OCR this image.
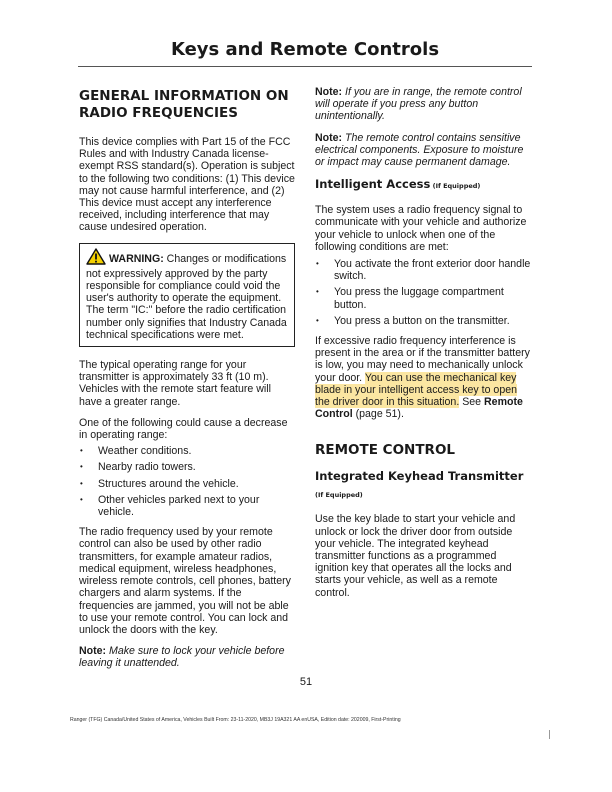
Keys and Remote Controls
GENERAL INFORMATION ON RADIO FREQUENCIES

This device complies with Part 15 of the FCC Rules and with Industry Canada license-exempt RSS standard(s). Operation is subject to the following two conditions: (1) This device may not cause harmful interference, and (2) This device must accept any interference received, including interference that may cause undesired operation.

WARNING: Changes or modifications not expressively approved by the party responsible for compliance could void the user's authority to operate the equipment. The term "IC:" before the radio certification number only signifies that Industry Canada technical specifications were met.

The typical operating range for your transmitter is approximately 33 ft (10 m). Vehicles with the remote start feature will have a greater range.

One of the following could cause a decrease in operating range:

• Weather conditions.
• Nearby radio towers.
• Structures around the vehicle.
• Other vehicles parked next to your vehicle.

The radio frequency used by your remote control can also be used by other radio transmitters, for example amateur radios, medical equipment, wireless headphones, wireless remote controls, cell phones, battery chargers and alarm systems. If the frequencies are jammed, you will not be able to use your remote control. You can lock and unlock the doors with the key.

Note: Make sure to lock your vehicle before leaving it unattended.

Note: If you are in range, the remote control will operate if you press any button unintentionally.

Note: The remote control contains sensitive electrical components. Exposure to moisture or impact may cause permanent damage.

Intelligent Access (If Equipped)

The system uses a radio frequency signal to communicate with your vehicle and authorize your vehicle to unlock when one of the following conditions are met:

• You activate the front exterior door handle switch.
• You press the luggage compartment button.
• You press a button on the transmitter.

If excessive radio frequency interference is present in the area or if the transmitter battery is low, you may need to mechanically unlock your door. You can use the mechanical key blade in your intelligent access key to open the driver door in this situation. See Remote Control (page 51).

REMOTE CONTROL
Integrated Keyhead Transmitter (If Equipped)

Use the key blade to start your vehicle and unlock or lock the driver door from outside your vehicle. The integrated keyhead transmitter functions as a programmed ignition key that operates all the locks and starts your vehicle, as well as a remote control.

51
Ranger (TFG) Canada/United States of America, Vehicles Built From: 23-11-2020, MB3J 19A321 AA enUSA, Edition date: 202009, First-Printing
